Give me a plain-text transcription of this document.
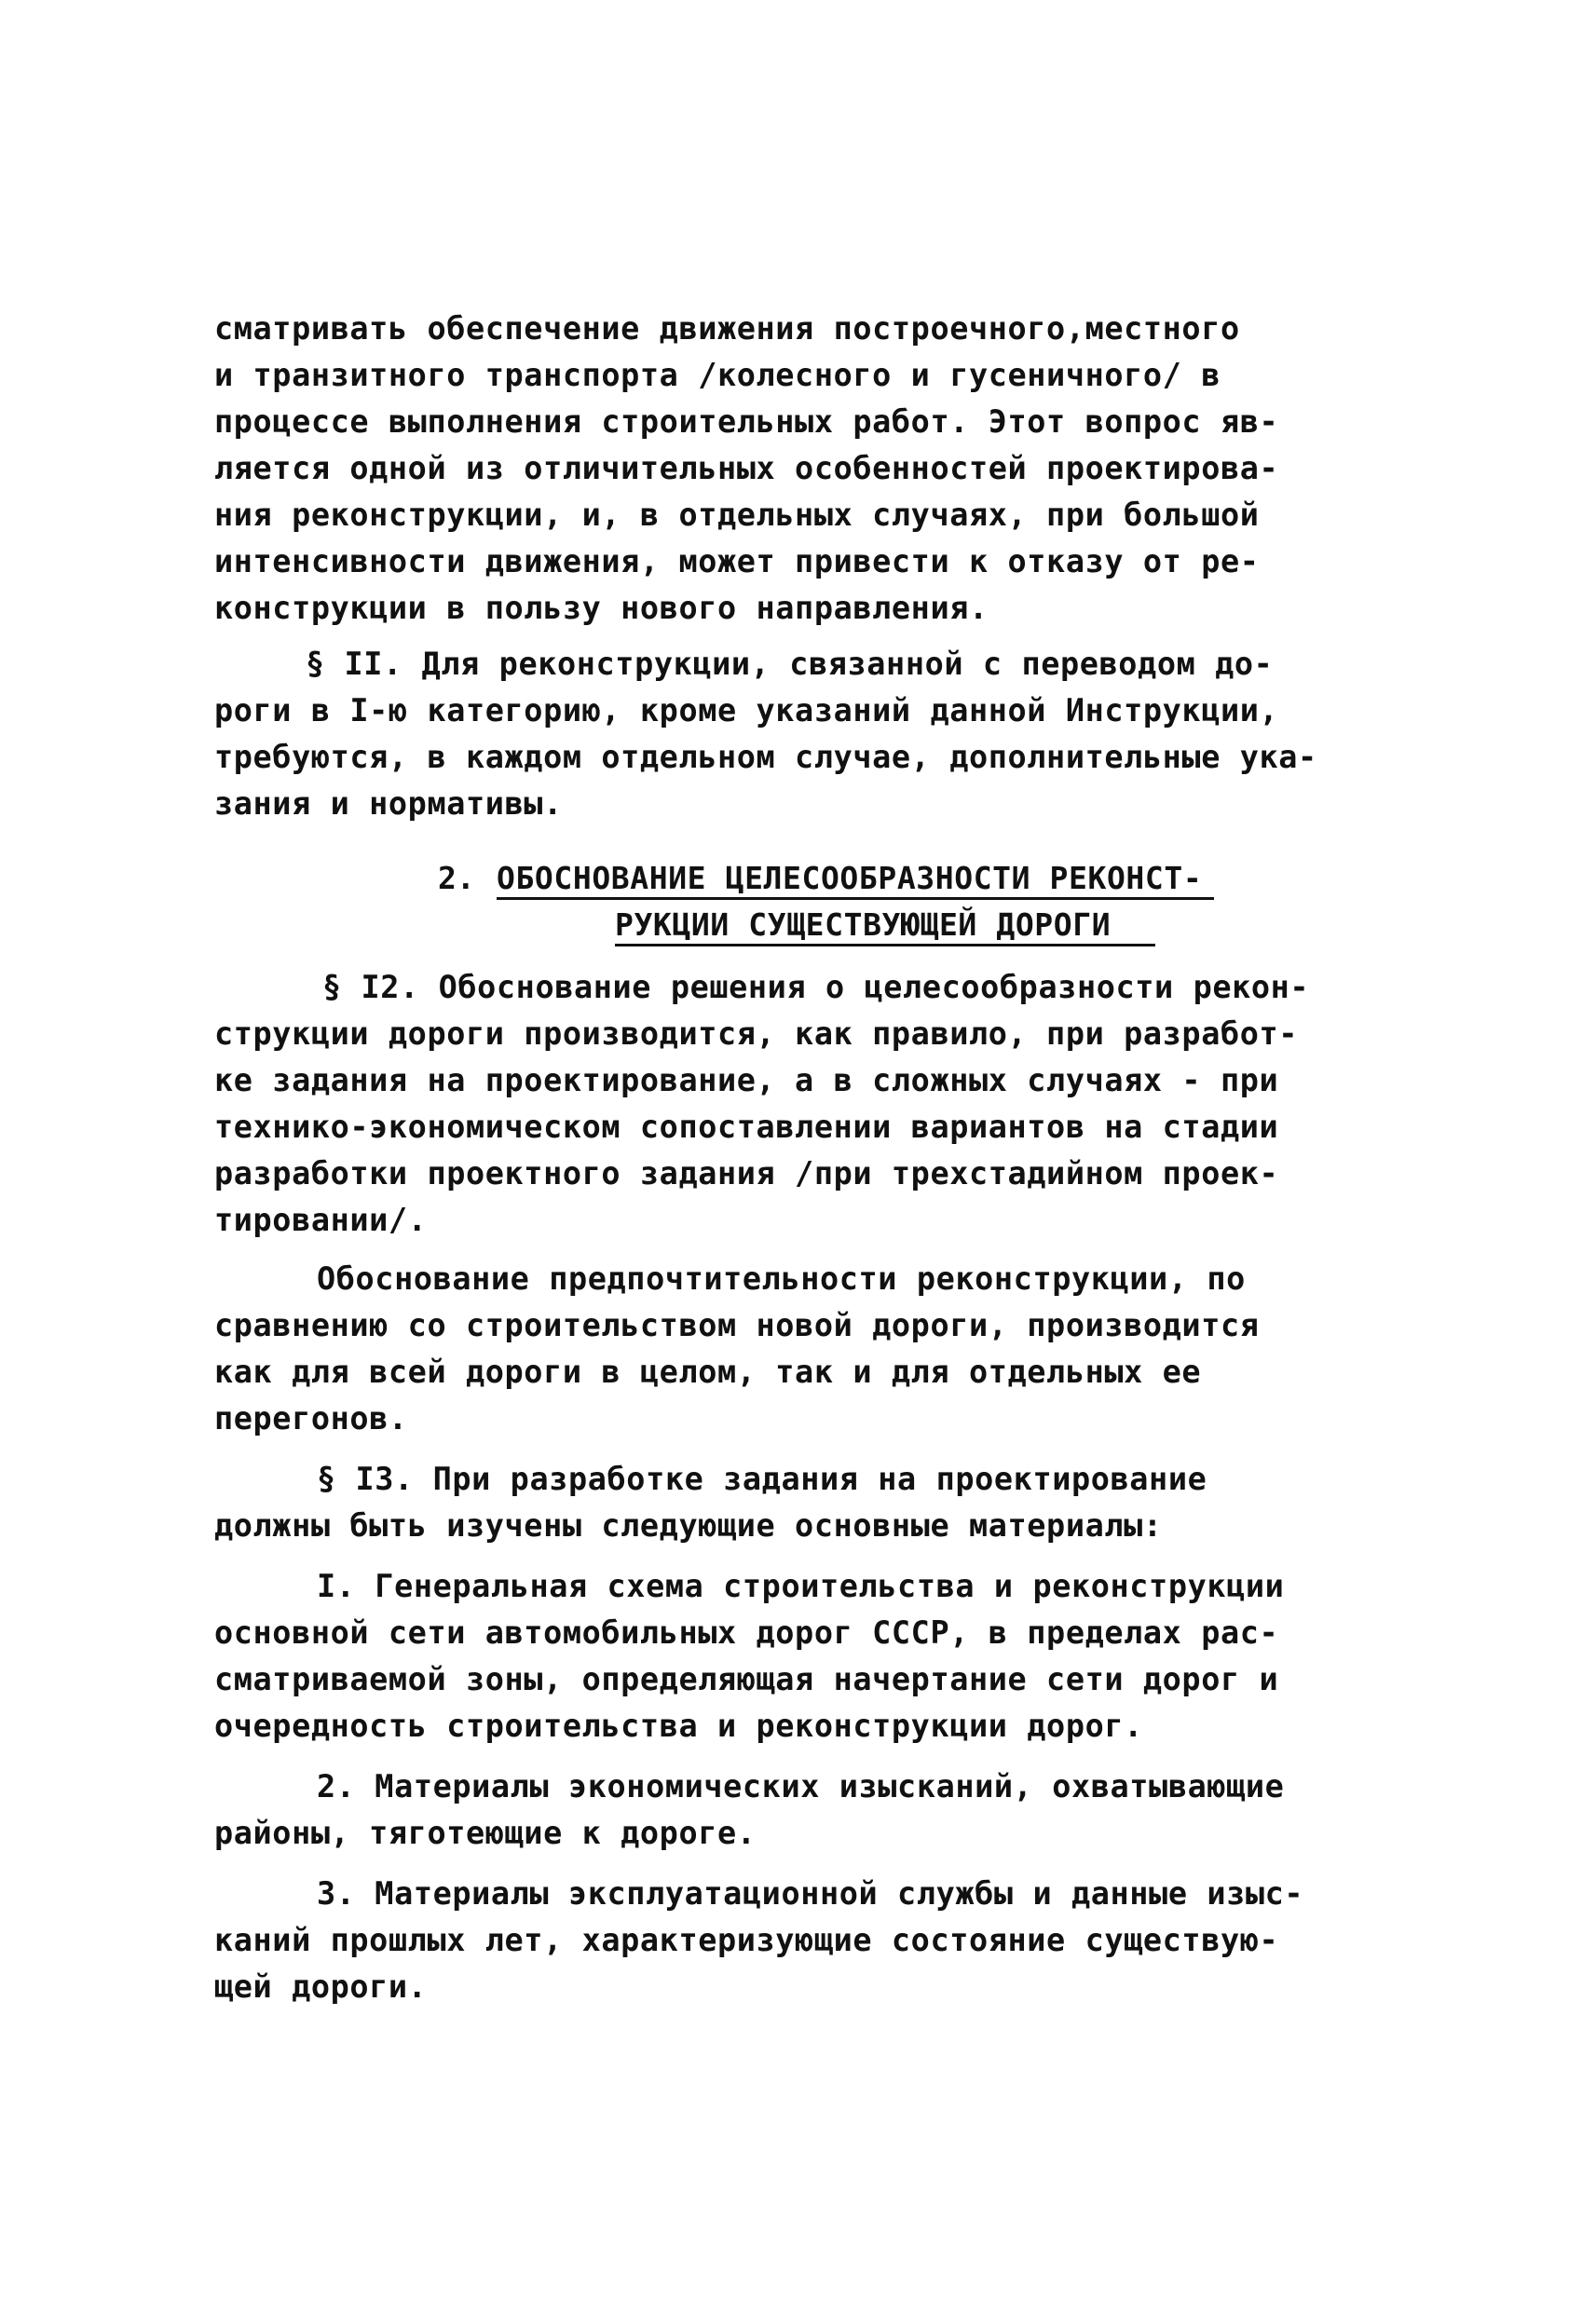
сматривать обеспечение движения построечного,местного
и транзитного транспорта /колесного и гусеничного/ в
процессе выполнения строительных работ. Этот вопрос яв-
ляется одной из отличительных особенностей проектирова-
ния реконструкции, и, в отдельных случаях, при большой
интенсивности движения, может привести к отказу от ре-
конструкции в пользу нового направления.
§ II. Для реконструкции, связанной с переводом до-
роги в I-ю категорию, кроме указаний данной Инструкции,
требуются, в каждом отдельном случае, дополнительные ука-
зания и нормативы.
2. ОБОСНОВАНИЕ ЦЕЛЕСООБРАЗНОСТИ РЕКОНСТ-
РУКЦИИ СУЩЕСТВУЮЩЕЙ ДОРОГИ
§ I2. Обоснование решения о целесообразности рекон-
струкции дороги производится, как правило, при разработ-
ке задания на проектирование, а в сложных случаях - при
технико-экономическом сопоставлении вариантов на стадии
разработки проектного задания /при трехстадийном проек-
тировании/.
Обоснование предпочтительности реконструкции, по
сравнению со строительством новой дороги, производится
как для всей дороги в целом, так и для отдельных ее
перегонов.
§ I3. При разработке задания на проектирование
должны быть изучены следующие основные материалы:
I. Генеральная схема строительства и реконструкции
основной сети автомобильных дорог СССР, в пределах рас-
сматриваемой зоны, определяющая начертание сети дорог и
очередность строительства и реконструкции дорог.
2. Материалы экономических изысканий, охватывающие
районы, тяготеющие к дороге.
3. Материалы эксплуатационной службы и данные изыс-
каний прошлых лет, характеризующие состояние существую-
щей дороги.
